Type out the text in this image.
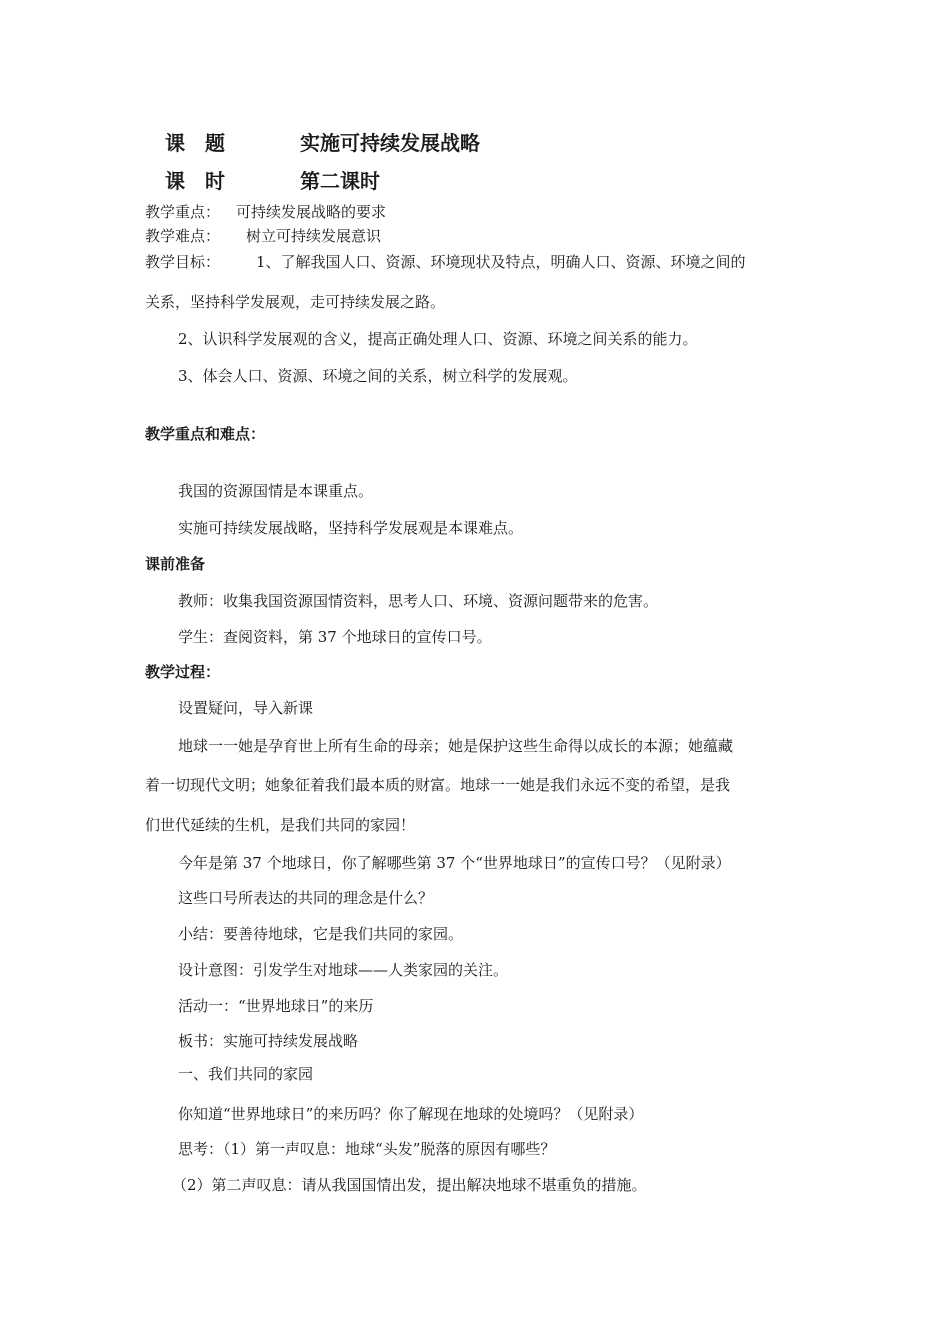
课　题	实施可持续发展战略
课　时	第二课时
教学重点： 可持续发展战略的要求
教学难点： 树立可持续发展意识
教学目标： 1、了解我国人口、资源、环境现状及特点，明确人口、资源、环境之间的
关系，坚持科学发展观，走可持续发展之路。
2、认识科学发展观的含义，提高正确处理人口、资源、环境之间关系的能力。
3、体会人口、资源、环境之间的关系，树立科学的发展观。
教学重点和难点：
我国的资源国情是本课重点。
实施可持续发展战略，坚持科学发展观是本课难点。
课前准备
教师：收集我国资源国情资料，思考人口、环境、资源问题带来的危害。
学生：查阅资料，第 37 个地球日的宣传口号。
教学过程：
设置疑问，导入新课
地球一一她是孕育世上所有生命的母亲；她是保护这些生命得以成长的本源；她蕴藏
着一切现代文明；她象征着我们最本质的财富。地球一一她是我们永远不变的希望，是我
们世代延续的生机，是我们共同的家园！
今年是第 37 个地球日，你了解哪些第 37 个“世界地球日”的宣传口号？（见附录）
这些口号所表达的共同的理念是什么？
小结：要善待地球，它是我们共同的家园。
设计意图：引发学生对地球——人类家园的关注。
活动一：“世界地球日”的来历
板书：实施可持续发展战略
一、我们共同的家园
你知道“世界地球日”的来历吗？你了解现在地球的处境吗？（见附录）
思考：（1）第一声叹息：地球“头发”脱落的原因有哪些？
（2）第二声叹息：请从我国国情出发，提出解决地球不堪重负的措施。
